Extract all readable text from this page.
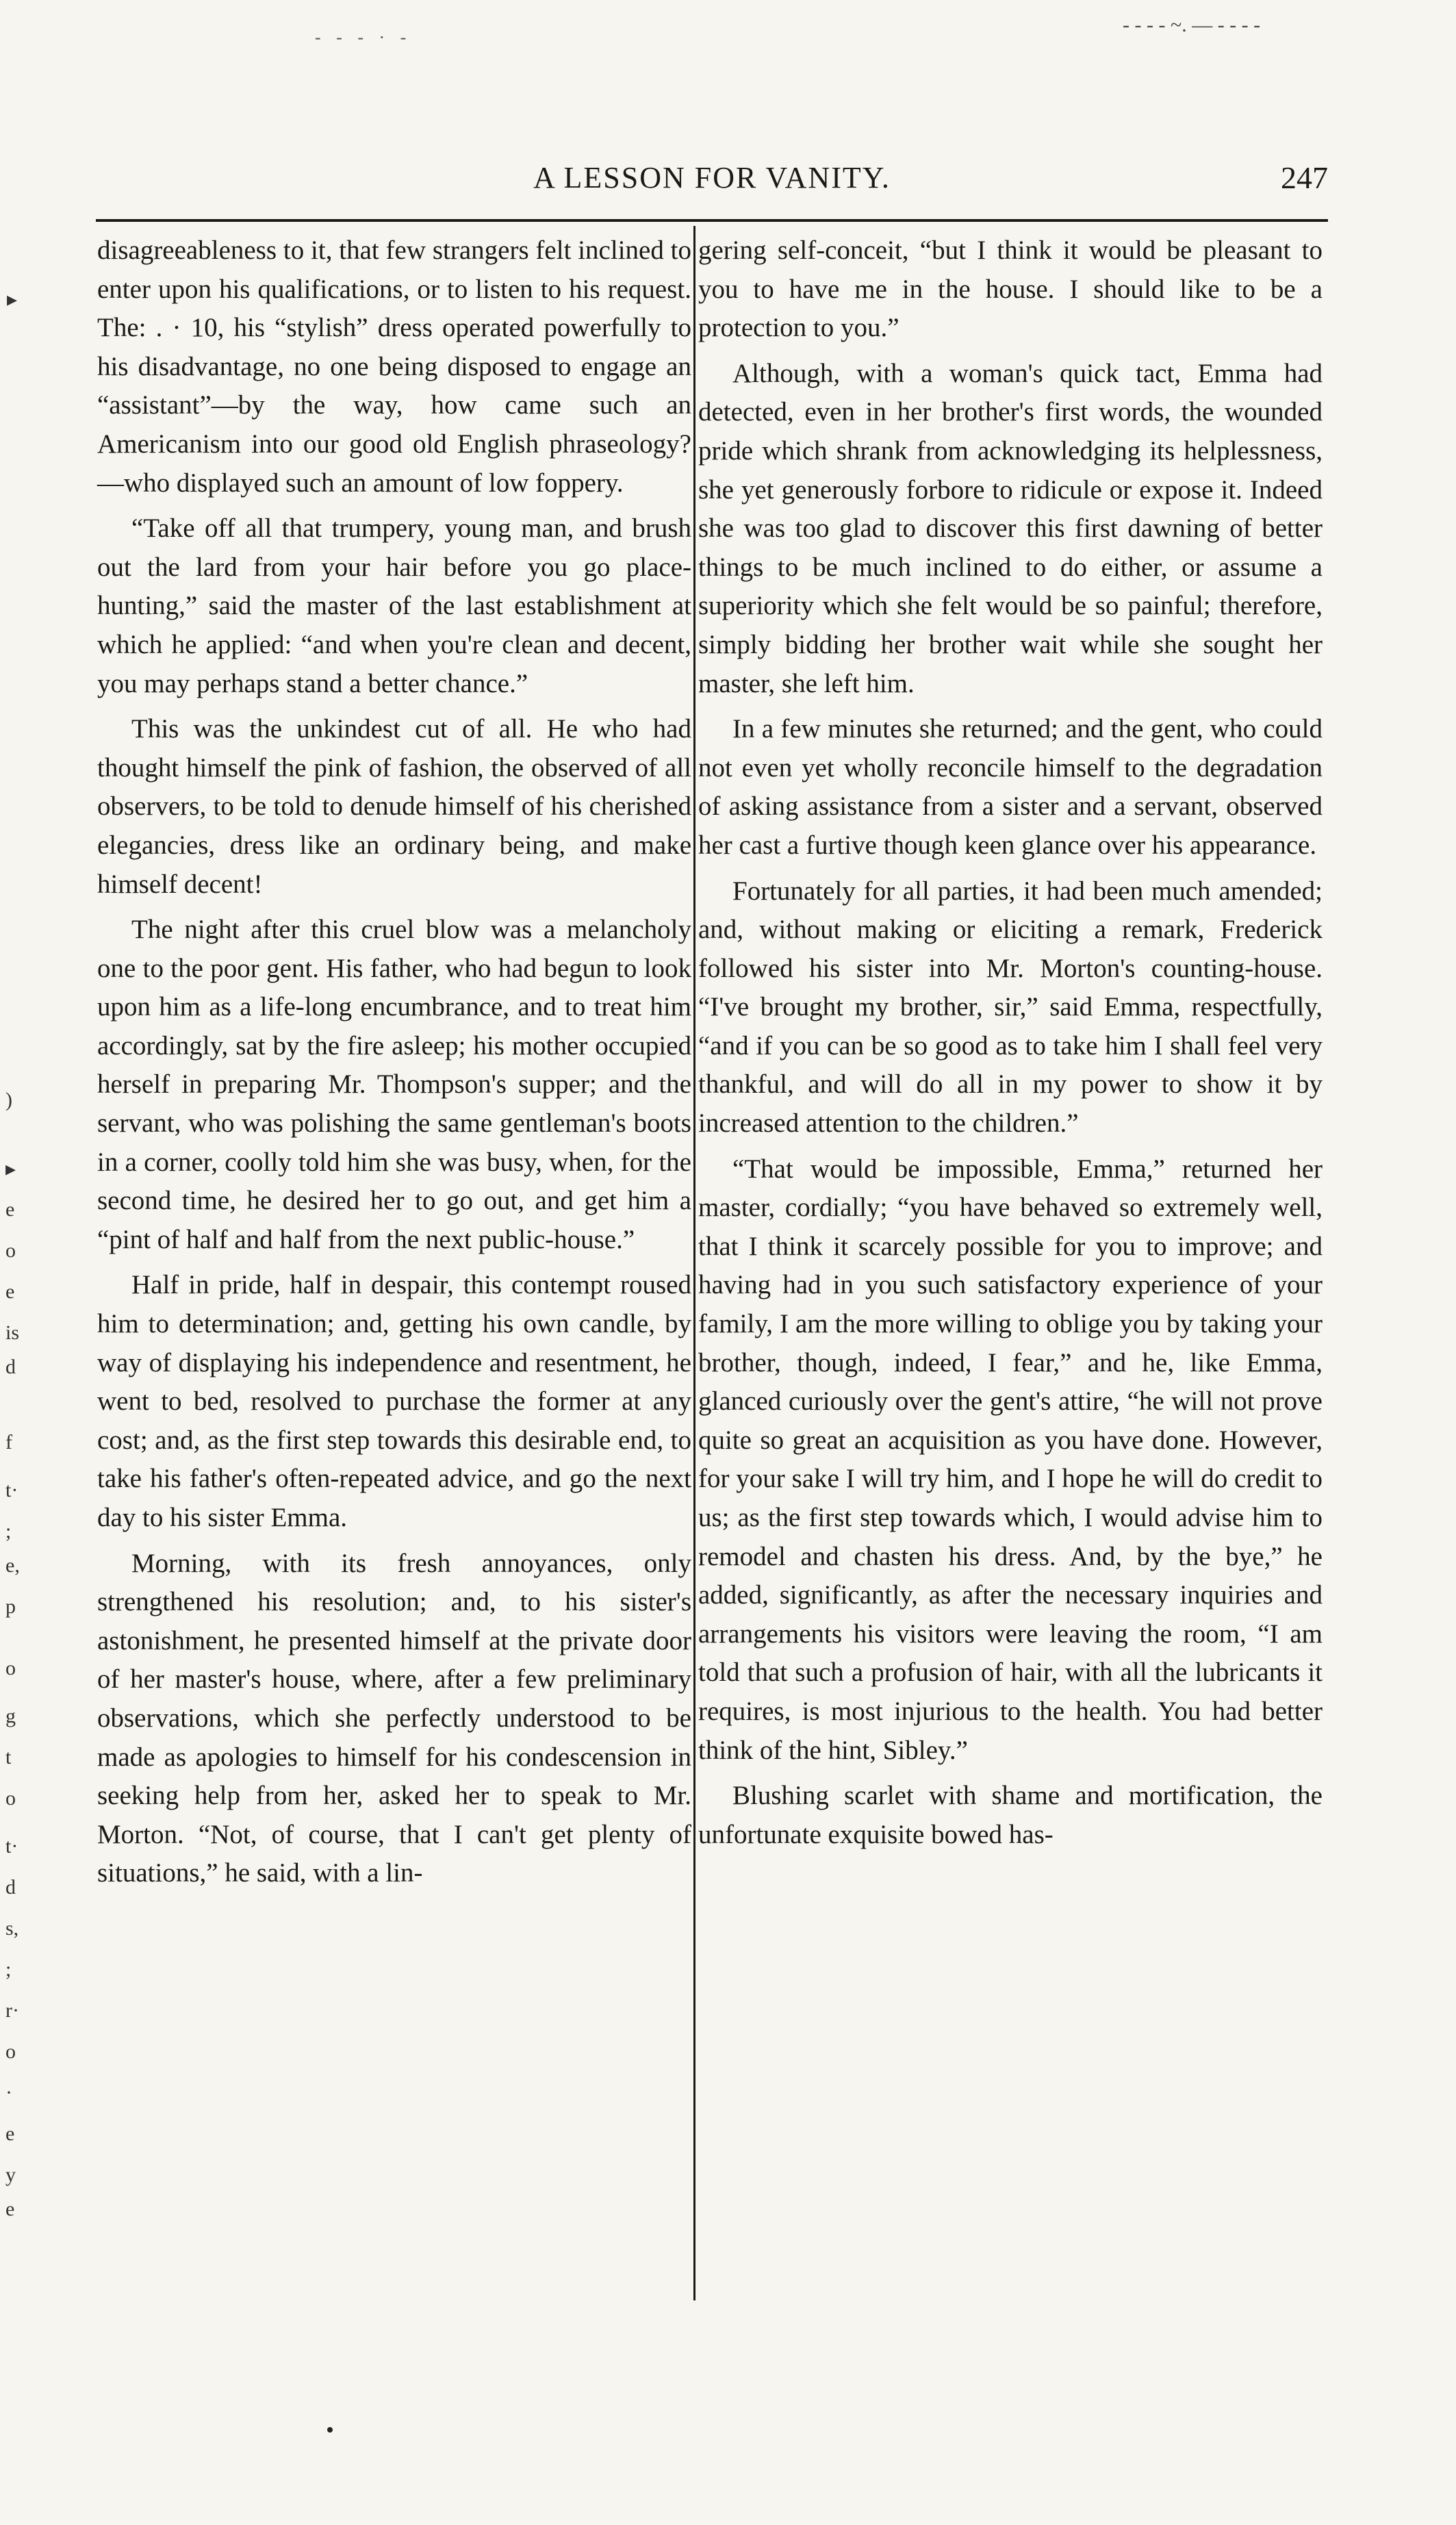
- - - · -
- - - - ~. — - - - -
A LESSON FOR VANITY.	247

disagreeableness to it, that few strangers felt inclined to enter upon his qualifications, or to listen to his request. The: . · 10, his “stylish” dress operated powerfully to his disadvantage, no one being disposed to engage an “assistant”—by the way, how came such an Americanism into our good old English phraseology?—who displayed such an amount of low foppery.

“Take off all that trumpery, young man, and brush out the lard from your hair before you go place-hunting,” said the master of the last establishment at which he applied: “and when you're clean and decent, you may perhaps stand a better chance.”

This was the unkindest cut of all. He who had thought himself the pink of fashion, the observed of all observers, to be told to denude himself of his cherished elegancies, dress like an ordinary being, and make himself decent!

The night after this cruel blow was a melancholy one to the poor gent. His father, who had begun to look upon him as a life-long encumbrance, and to treat him accordingly, sat by the fire asleep; his mother occupied herself in preparing Mr. Thompson's supper; and the servant, who was polishing the same gentleman's boots in a corner, coolly told him she was busy, when, for the second time, he desired her to go out, and get him a “pint of half and half from the next public-house.”

Half in pride, half in despair, this contempt roused him to determination; and, getting his own candle, by way of displaying his independence and resentment, he went to bed, resolved to purchase the former at any cost; and, as the first step towards this desirable end, to take his father's often-repeated advice, and go the next day to his sister Emma.

Morning, with its fresh annoyances, only strengthened his resolution; and, to his sister's astonishment, he presented himself at the private door of her master's house, where, after a few preliminary observations, which she perfectly understood to be made as apologies to himself for his condescension in seeking help from her, asked her to speak to Mr. Morton. “Not, of course, that I can't get plenty of situations,” he said, with a lin-

gering self-conceit, “but I think it would be pleasant to you to have me in the house. I should like to be a protection to you.”

Although, with a woman's quick tact, Emma had detected, even in her brother's first words, the wounded pride which shrank from acknowledging its helplessness, she yet generously forbore to ridicule or expose it. Indeed she was too glad to discover this first dawning of better things to be much inclined to do either, or assume a superiority which she felt would be so painful; therefore, simply bidding her brother wait while she sought her master, she left him.

In a few minutes she returned; and the gent, who could not even yet wholly reconcile himself to the degradation of asking assistance from a sister and a servant, observed her cast a furtive though keen glance over his appearance.

Fortunately for all parties, it had been much amended; and, without making or eliciting a remark, Frederick followed his sister into Mr. Morton's counting-house. “I've brought my brother, sir,” said Emma, respectfully, “and if you can be so good as to take him I shall feel very thankful, and will do all in my power to show it by increased attention to the children.”

“That would be impossible, Emma,” returned her master, cordially; “you have behaved so extremely well, that I think it scarcely possible for you to improve; and having had in you such satisfactory experience of your family, I am the more willing to oblige you by taking your brother, though, indeed, I fear,” and he, like Emma, glanced curiously over the gent's attire, “he will not prove quite so great an acquisition as you have done. However, for your sake I will try him, and I hope he will do credit to us; as the first step towards which, I would advise him to remodel and chasten his dress. And, by the bye,” he added, significantly, as after the necessary inquiries and arrangements his visitors were leaving the room, “I am told that such a profusion of hair, with all the lubricants it requires, is most injurious to the health. You had better think of the hint, Sibley.”

Blushing scarlet with shame and mortification, the unfortunate exquisite bowed has-

▸
)
▸
e
o
e
is
d
f
t·
;
e,
p
o
g
t
o
t·
d
s,
;
r·
o
·
e
y
e
